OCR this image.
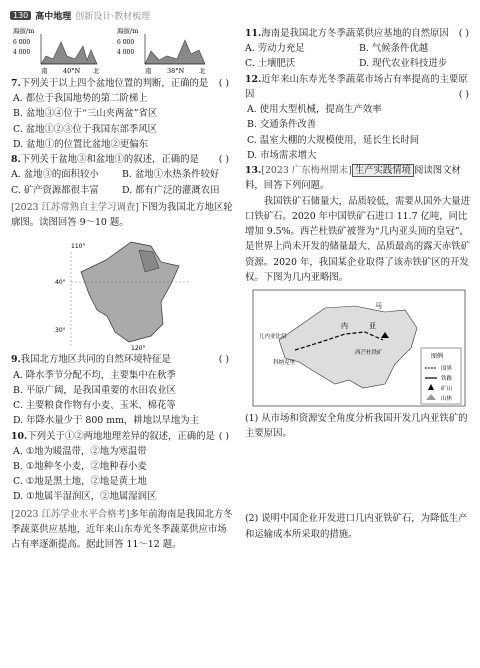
130 高中地理 创新设计·教材梳理
海拔/m	海拔/m
6 000
4 000
6 000
4 000
南 40°N 北	南 38°N 北

7.下列关于以上四个盆地位置的判断，正确的是 ( )

A. 都位于我国地势的第二阶梯上

B. 盆地③④位于“三山夹两盆”省区

C. 盆地①②③位于我国东部季风区

D. 盆地①的位置比盆地②更偏东

8.下列关于盆地③和盆地①的叙述，正确的是 ( )

A. 盆地③的面积较小	B. 盆地①水热条件较好
C. 矿产资源都很丰富	D. 都有广泛的灌溉农田

[2023 江苏常熟自主学习调查]下图为我国北方地区轮廓图。读图回答 9～10 题。

110°
40°
120°
30°

9.我国北方地区共同的自然环境特征是	( )

A. 降水季节分配不均，主要集中在秋季

B. 平原广阔，是我国重要的水田农业区

C. 主要粮食作物有小麦、玉米、棉花等

D. 年降水量少于 800 mm，耕地以旱地为主

10.下列关于①②两地地理差异的叙述，正确的是 ( )

A. ①地为暖温带，②地为寒温带

B. ①地种冬小麦，②地种春小麦

C. ①地是黑土地，②地是黄土地

D. ①地属半湿润区，②地属湿润区

[2023 江苏学业水平合格考]多年前海南是我国北方冬季蔬菜供应基地，近年来山东寿光冬季蔬菜供应市场占有率逐渐提高。据此回答 11～12 题。

11.海南是我国北方冬季蔬菜供应基地的自然原因 ( )

A. 劳动力充足	B. 气候条件优越
C. 土壤肥沃	D. 现代农业科技进步

12.近年来山东寿光冬季蔬菜市场占有率提高的主要原因	( )

A. 使用大型机械，提高生产效率

B. 交通条件改善

C. 温室大棚的大规模使用，延长生长时间

D. 市场需求增大

13.[2023 广东梅州期末] 生产实践情境 阅读图文材料，回答下列问题。

我国铁矿石储量大，品质较低，需要从国外大量进口铁矿石。2020 年中国铁矿石进口 11.7 亿吨，同比增加 9.5%。西芒杜铁矿被誉为“几内亚头顶的皇冠”，是世界上尚未开发的储量最大、品质最高的露天赤铁矿资源。2020 年，我国某企业取得了该赤铁矿区的开发权。下图为几内亚略图。

马
几内亚比绍
科纳克里
西芒杜铁矿
内	亚
图例
国界
铁路
矿山
山体

(1) 从市场和资源安全角度分析我国开发几内亚铁矿的主要原因。

(2) 说明中国企业开发进口几内亚铁矿石，为降低生产和运输成本所采取的措施。
